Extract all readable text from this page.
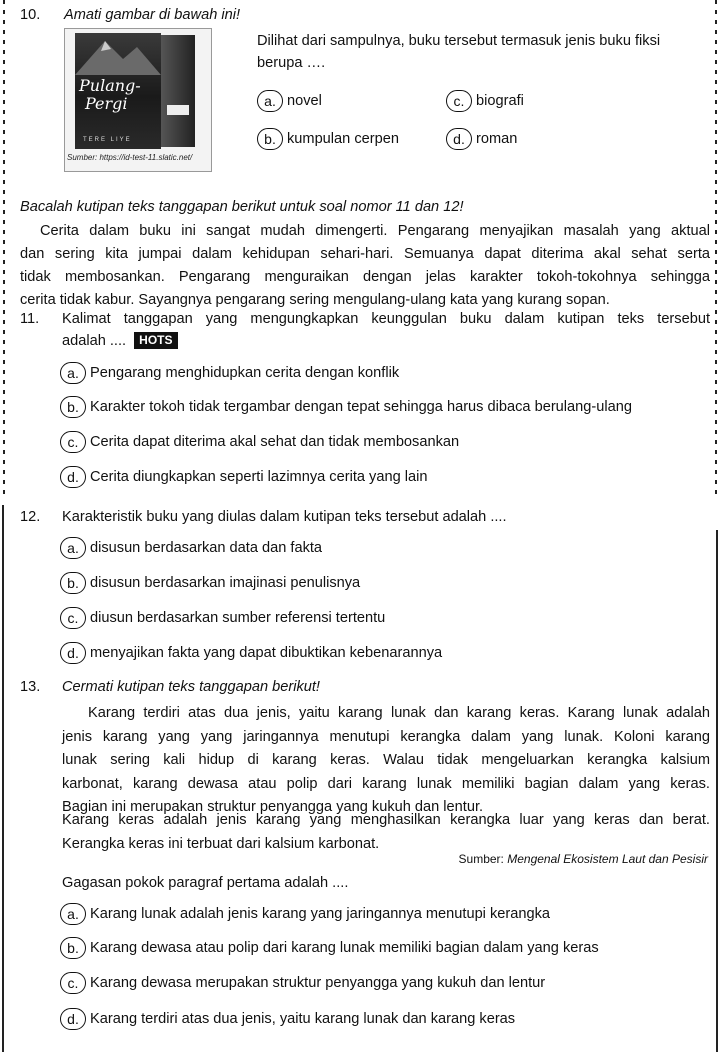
10. Amati gambar di bawah ini!
Pulang-
Pergi
TERE LIYE
Sumber: https://id-test-11.slatic.net/
Dilihat dari sampulnya, buku tersebut termasuk jenis buku fiksi
berupa ….
a. novel
b. kumpulan cerpen
c. biografi
d. roman
Bacalah kutipan teks tanggapan berikut untuk soal nomor 11 dan 12!
Cerita dalam buku ini sangat mudah dimengerti. Pengarang menyajikan masalah yang aktual
dan sering kita jumpai dalam kehidupan sehari-hari. Semuanya dapat diterima akal sehat serta
tidak membosankan. Pengarang menguraikan dengan jelas karakter tokoh-tokohnya sehingga
cerita tidak kabur. Sayangnya pengarang sering mengulang-ulang kata yang kurang sopan.
11. Kalimat tanggapan yang mengungkapkan keunggulan buku dalam kutipan teks tersebut
adalah .... HOTS
a. Pengarang menghidupkan cerita dengan konflik
b. Karakter tokoh tidak tergambar dengan tepat sehingga harus dibaca berulang-ulang
c. Cerita dapat diterima akal sehat dan tidak membosankan
d. Cerita diungkapkan seperti lazimnya cerita yang lain
12. Karakteristik buku yang diulas dalam kutipan teks tersebut adalah ....
a. disusun berdasarkan data dan fakta
b. disusun berdasarkan imajinasi penulisnya
c. diusun berdasarkan sumber referensi tertentu
d. menyajikan fakta yang dapat dibuktikan kebenarannya
13. Cermati kutipan teks tanggapan berikut!
Karang terdiri atas dua jenis, yaitu karang lunak dan karang keras. Karang lunak adalah
jenis karang yang yang jaringannya menutupi kerangka dalam yang lunak. Koloni karang
lunak sering kali hidup di karang keras. Walau tidak mengeluarkan kerangka kalsium
karbonat, karang dewasa atau polip dari karang lunak memiliki bagian dalam yang keras.
Bagian ini merupakan struktur penyangga yang kukuh dan lentur.
Karang keras adalah jenis karang yang menghasilkan kerangka luar yang keras dan berat.
Kerangka keras ini terbuat dari kalsium karbonat.
Sumber: Mengenal Ekosistem Laut dan Pesisir
Gagasan pokok paragraf pertama adalah ....
a. Karang lunak adalah jenis karang yang jaringannya menutupi kerangka
b. Karang dewasa atau polip dari karang lunak memiliki bagian dalam yang keras
c. Karang dewasa merupakan struktur penyangga yang kukuh dan lentur
d. Karang terdiri atas dua jenis, yaitu karang lunak dan karang keras
